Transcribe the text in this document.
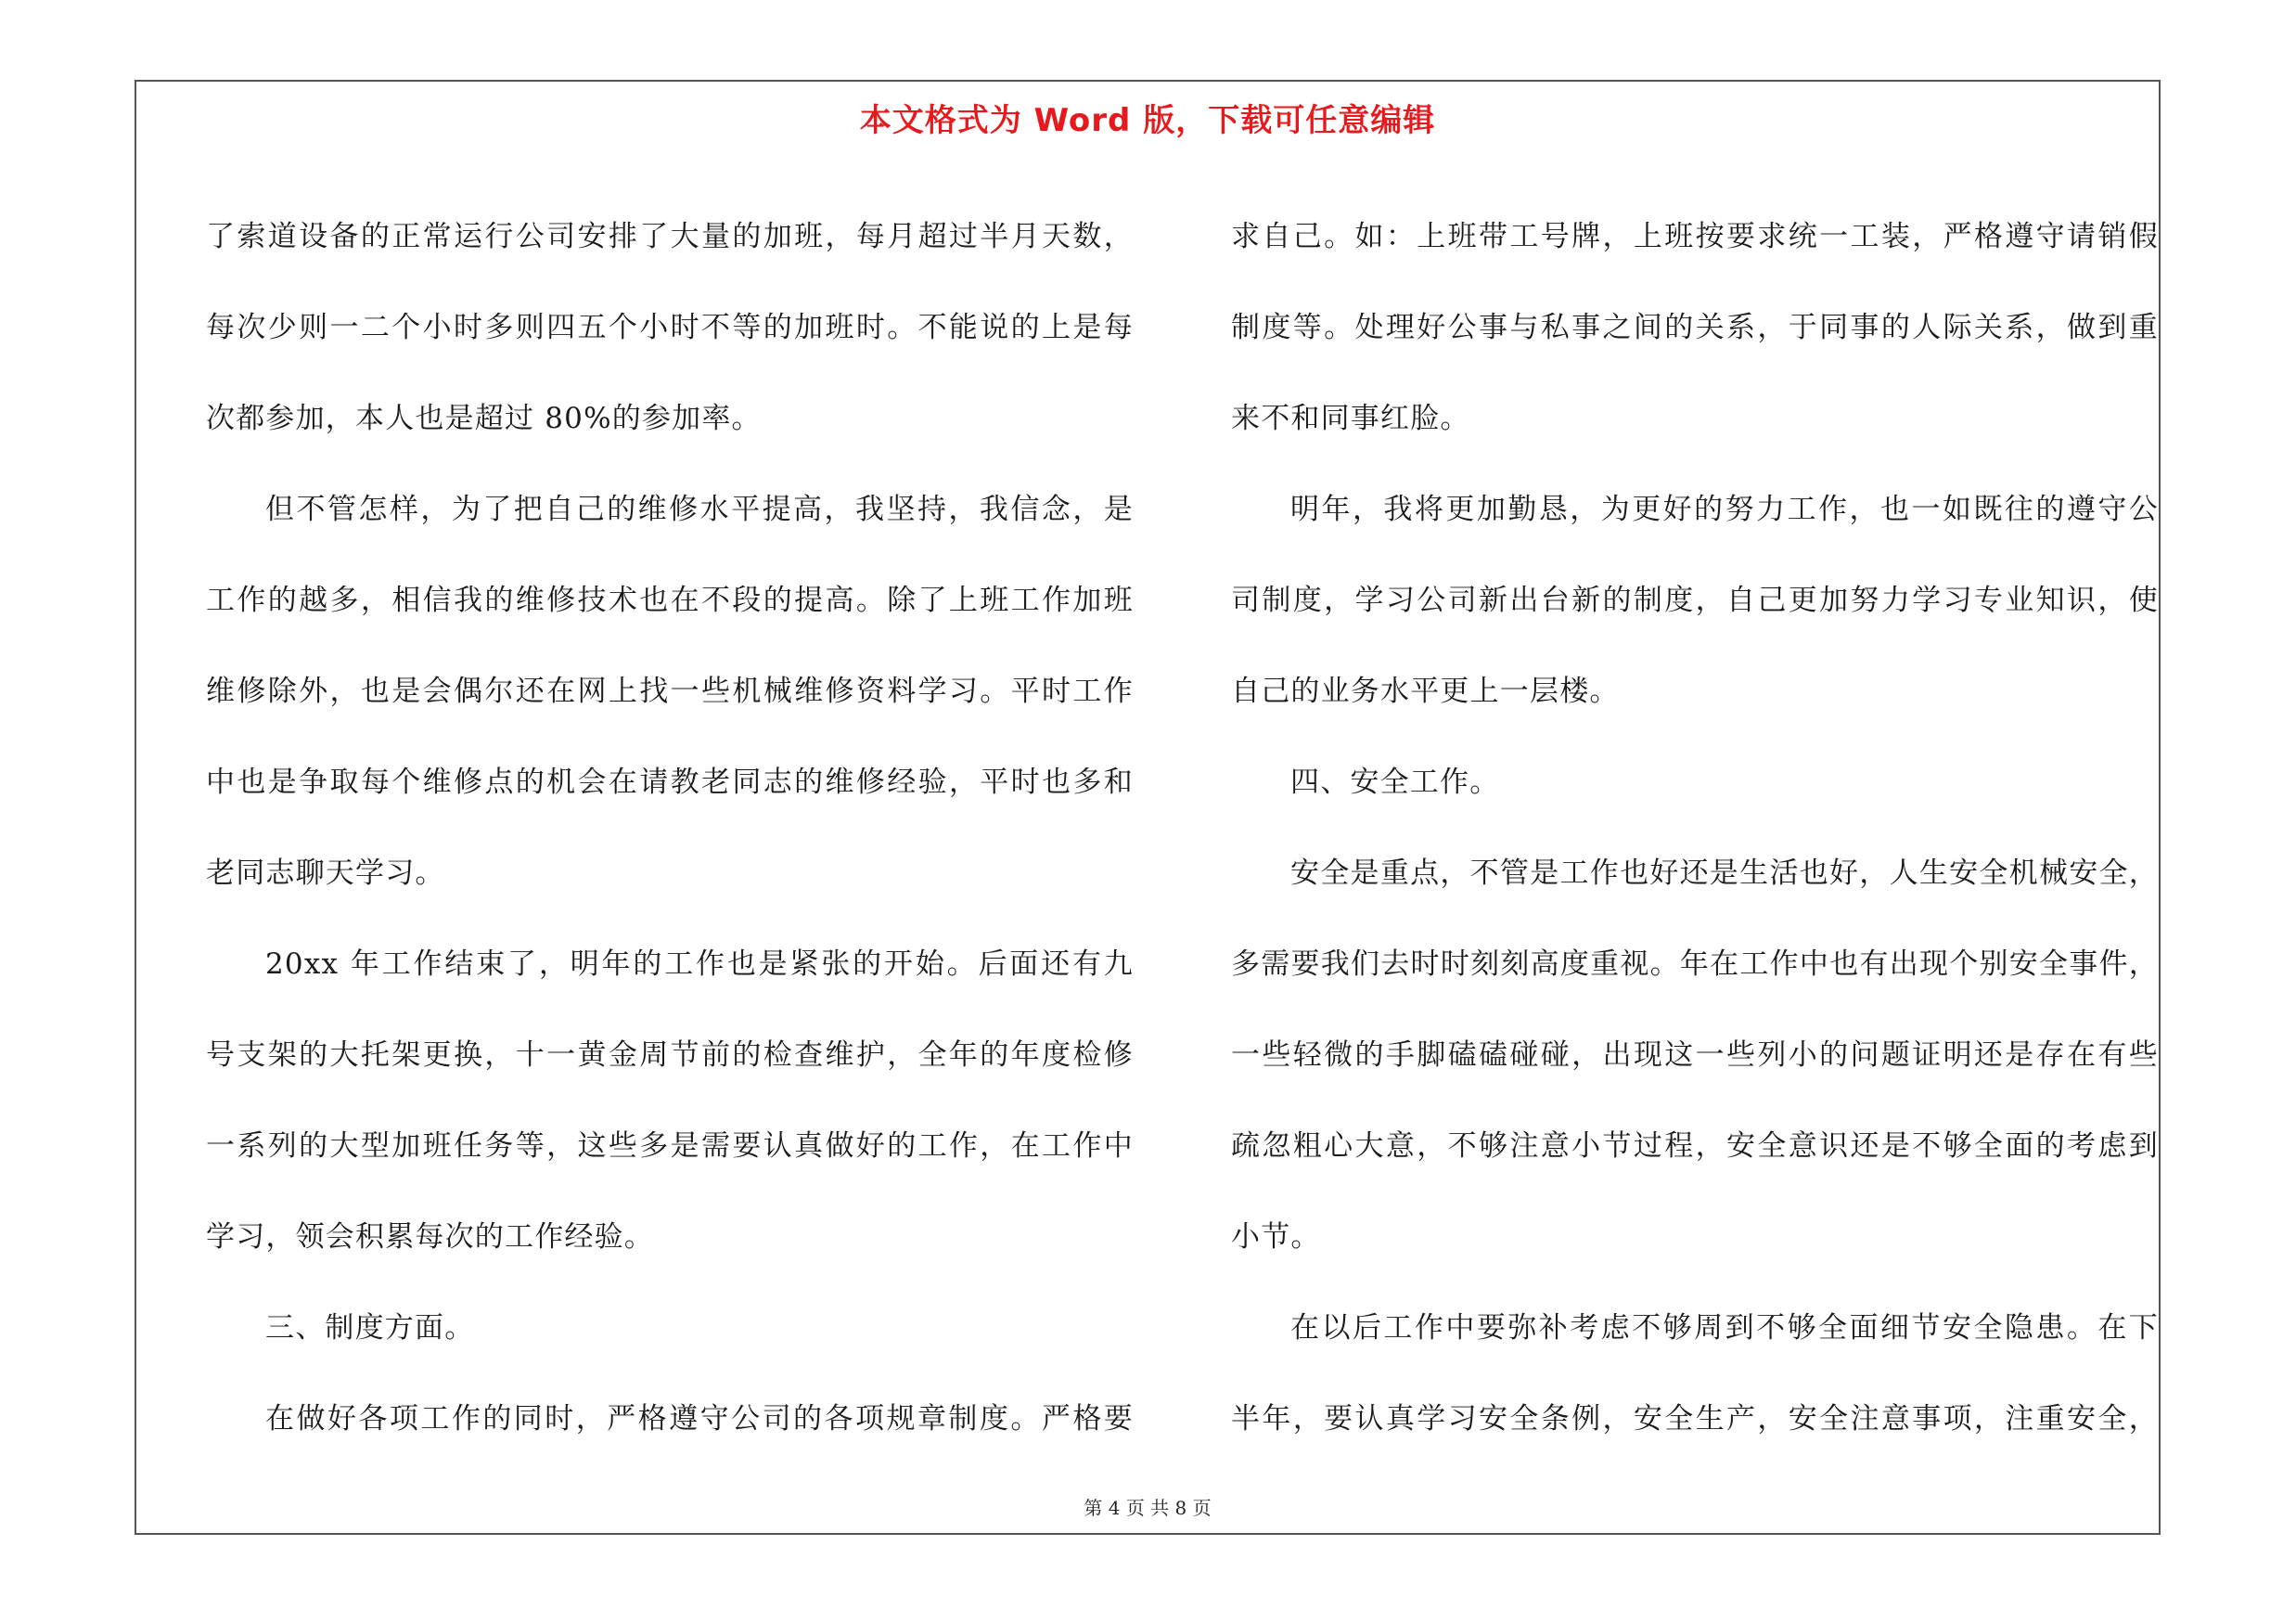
本文格式为 Word 版，下载可任意编辑
了索道设备的正常运行公司安排了大量的加班，每月超过半月天数，
每次少则一二个小时多则四五个小时不等的加班时。不能说的上是每
次都参加，本人也是超过 80%的参加率。
但不管怎样，为了把自己的维修水平提高，我坚持，我信念，是
工作的越多，相信我的维修技术也在不段的提高。除了上班工作加班
维修除外，也是会偶尔还在网上找一些机械维修资料学习。平时工作
中也是争取每个维修点的机会在请教老同志的维修经验，平时也多和
老同志聊天学习。
20xx 年工作结束了，明年的工作也是紧张的开始。后面还有九
号支架的大托架更换，十一黄金周节前的检查维护，全年的年度检修
一系列的大型加班任务等，这些多是需要认真做好的工作，在工作中
学习，领会积累每次的工作经验。
三、制度方面。
在做好各项工作的同时，严格遵守公司的各项规章制度。严格要
求自己。如：上班带工号牌，上班按要求统一工装，严格遵守请销假
制度等。处理好公事与私事之间的关系，于同事的人际关系，做到重
来不和同事红脸。
明年，我将更加勤恳，为更好的努力工作，也一如既往的遵守公
司制度，学习公司新出台新的制度，自己更加努力学习专业知识，使
自己的业务水平更上一层楼。
四、安全工作。
安全是重点，不管是工作也好还是生活也好，人生安全机械安全，
多需要我们去时时刻刻高度重视。年在工作中也有出现个别安全事件，
一些轻微的手脚磕磕碰碰，出现这一些列小的问题证明还是存在有些
疏忽粗心大意，不够注意小节过程，安全意识还是不够全面的考虑到
小节。
在以后工作中要弥补考虑不够周到不够全面细节安全隐患。在下
半年，要认真学习安全条例，安全生产，安全注意事项，注重安全，
第 4 页 共 8 页
